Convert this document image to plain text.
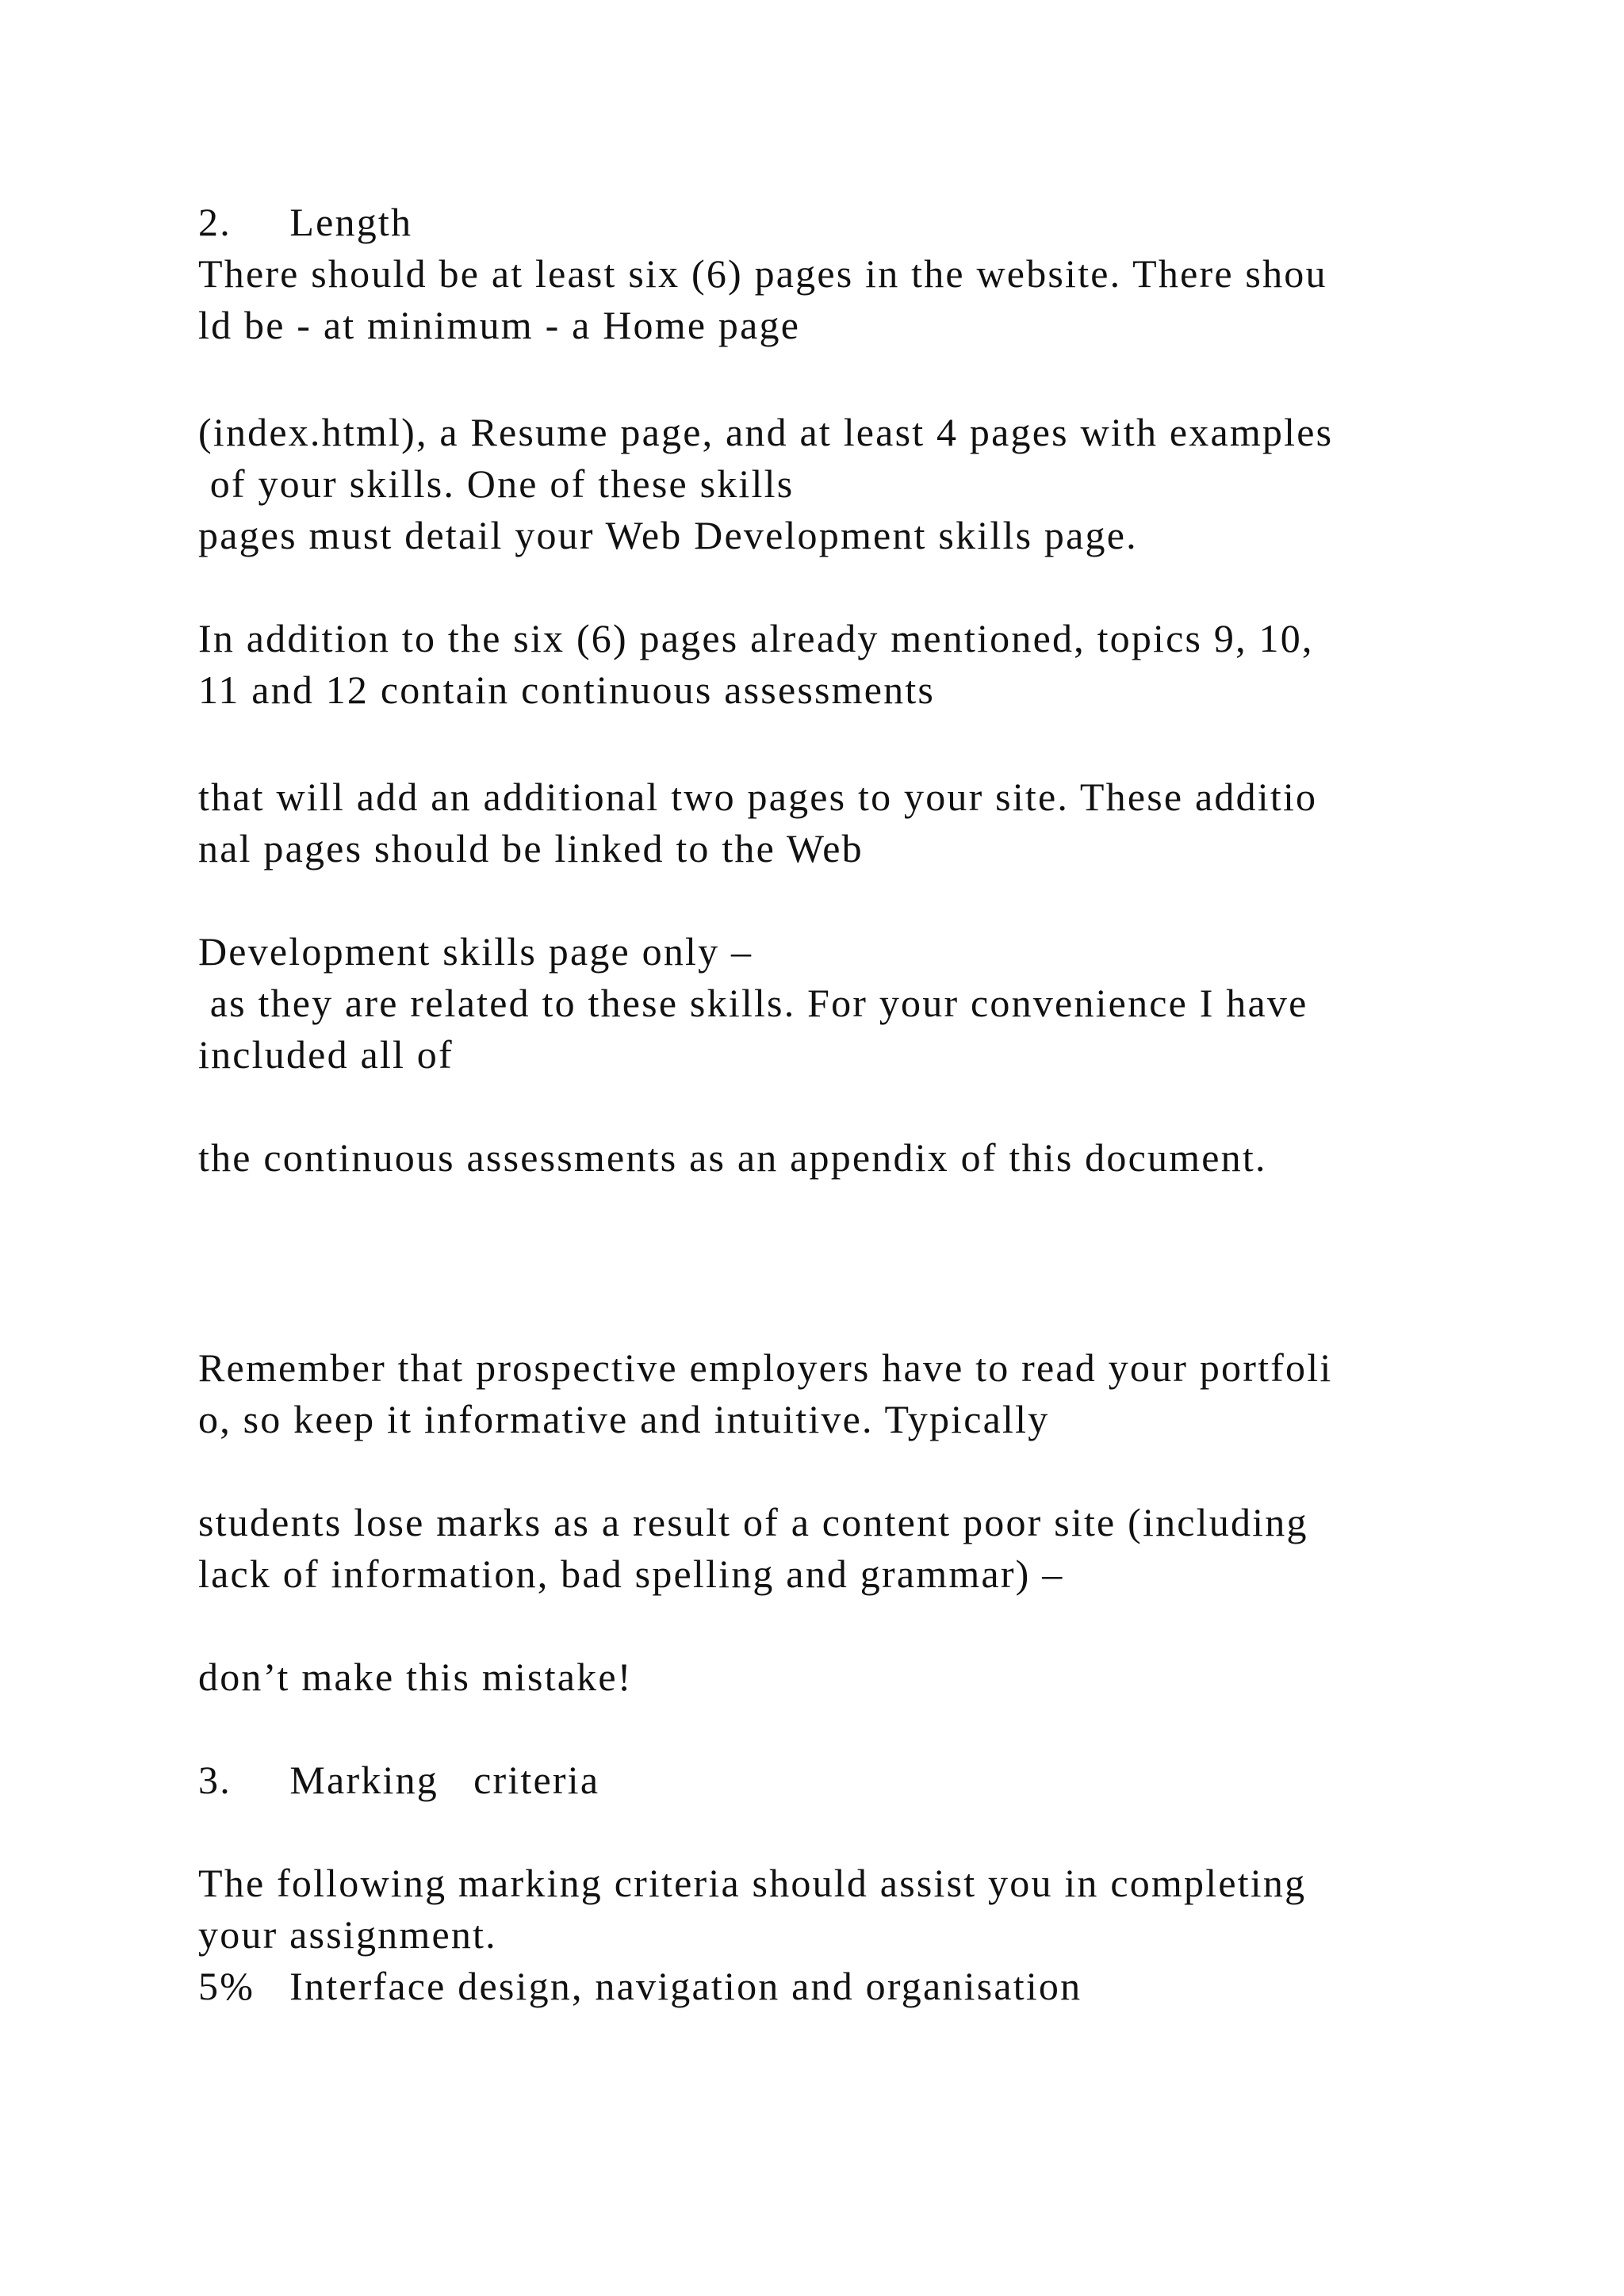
2.     Length

There should be at least six (6) pages in the website. There shou

ld be - at minimum - a Home page

(index.html), a Resume page, and at least 4 pages with examples

of your skills. One of these skills

pages must detail your Web Development skills page.

In addition to the six (6) pages already mentioned, topics 9, 10,

11 and 12 contain continuous assessments

that will add an additional two pages to your site. These additio

nal pages should be linked to the Web

Development skills page only –

as they are related to these skills. For your convenience I have

included all of

the continuous assessments as an appendix of this document.

Remember that prospective employers have to read your portfoli

o, so keep it informative and intuitive. Typically

students lose marks as a result of a content poor site (including

lack of information, bad spelling and grammar) –

don’t make this mistake!

3.     Marking   criteria

The following marking criteria should assist you in completing

your assignment.

5%   Interface design, navigation and organisation
